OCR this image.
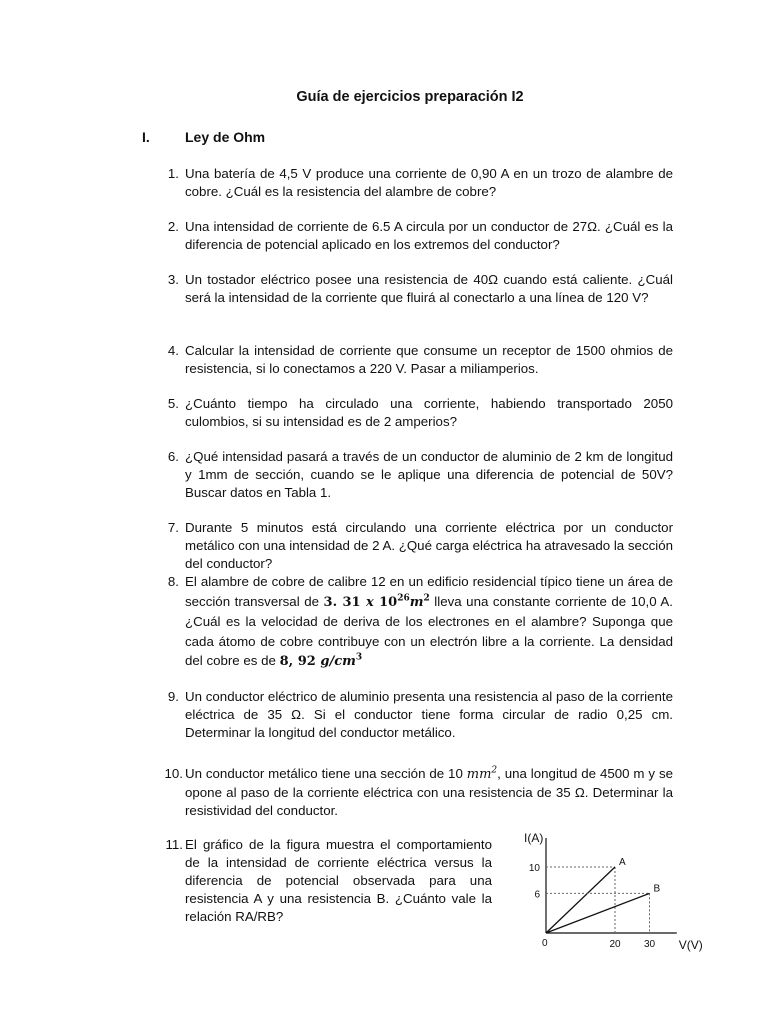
Guía de ejercicios preparación I2
I.	Ley de Ohm
1. Una batería de 4,5 V produce una corriente de 0,90 A en un trozo de alambre de cobre. ¿Cuál es la resistencia del alambre de cobre?
2. Una intensidad de corriente de 6.5 A circula por un conductor de 27Ω. ¿Cuál es la diferencia de potencial aplicado en los extremos del conductor?
3. Un tostador eléctrico posee una resistencia de 40Ω cuando está caliente. ¿Cuál será la intensidad de la corriente que fluirá al conectarlo a una línea de 120 V?
4. Calcular la intensidad de corriente que consume un receptor de 1500 ohmios de resistencia, si lo conectamos a 220 V. Pasar a miliamperios.
5. ¿Cuánto tiempo ha circulado una corriente, habiendo transportado 2050 culombios, si su intensidad es de 2 amperios?
6. ¿Qué intensidad pasará a través de un conductor de aluminio de 2 km de longitud y 1mm de sección, cuando se le aplique una diferencia de potencial de 50V? Buscar datos en Tabla 1.
7. Durante 5 minutos está circulando una corriente eléctrica por un conductor metálico con una intensidad de 2 A. ¿Qué carga eléctrica ha atravesado la sección del conductor?
8. El alambre de cobre de calibre 12 en un edificio residencial típico tiene un área de sección transversal de 3. 31 x $10^{26}m^2$ lleva una constante corriente de 10,0 A. ¿Cuál es la velocidad de deriva de los electrones en el alambre? Suponga que cada átomo de cobre contribuye con un electrón libre a la corriente. La densidad del cobre es de 8, 92 $g/cm^3$
9. Un conductor eléctrico de aluminio presenta una resistencia al paso de la corriente eléctrica de 35 Ω. Si el conductor tiene forma circular de radio 0,25 cm. Determinar la longitud del conductor metálico.
10. Un conductor metálico tiene una sección de 10 $mm^2$, una longitud de 4500 m y se opone al paso de la corriente eléctrica con una resistencia de 35 Ω. Determinar la resistividad del conductor.
11. El gráfico de la figura muestra el comportamiento de la intensidad de corriente eléctrica versus la diferencia de potencial observada para una resistencia A y una resistencia B. ¿Cuánto vale la relación RA/RB?
I(A)
V(V)
0
A
B
6
10
20 30
